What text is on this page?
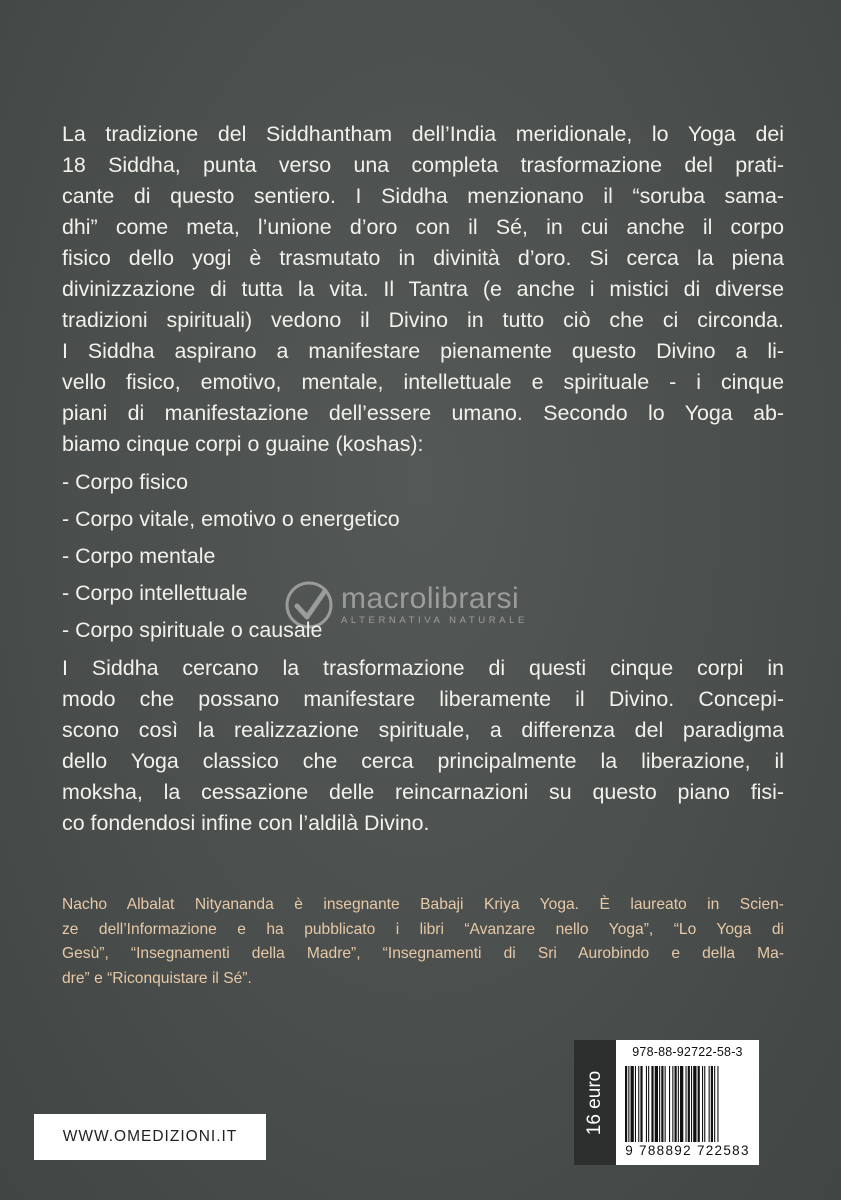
La tradizione del Siddhantham dell’India meridionale, lo Yoga dei
18 Siddha, punta verso una completa trasformazione del prati-
cante di questo sentiero. I Siddha menzionano il “soruba sama-
dhi” come meta, l’unione d’oro con il Sé, in cui anche il corpo
fisico dello yogi è trasmutato in divinità d’oro. Si cerca la piena
divinizzazione di tutta la vita. Il Tantra (e anche i mistici di diverse
tradizioni spirituali) vedono il Divino in tutto ciò che ci circonda.
I Siddha aspirano a manifestare pienamente questo Divino a li-
vello fisico, emotivo, mentale, intellettuale e spirituale - i cinque
piani di manifestazione dell’essere umano. Secondo lo Yoga ab-
biamo cinque corpi o guaine (koshas):
- Corpo fisico
- Corpo vitale, emotivo o energetico
- Corpo mentale
- Corpo intellettuale
- Corpo spirituale o causale
I Siddha cercano la trasformazione di questi cinque corpi in
modo che possano manifestare liberamente il Divino. Concepi-
scono così la realizzazione spirituale, a differenza del paradigma
dello Yoga classico che cerca principalmente la liberazione, il
moksha, la cessazione delle reincarnazioni su questo piano fisi-
co fondendosi infine con l’aldilà Divino.
macrolibrarsi
ALTERNATIVA NATURALE
Nacho Albalat Nityananda è insegnante Babaji Kriya Yoga. È laureato in Scien-
ze dell’Informazione e ha pubblicato i libri “Avanzare nello Yoga”, “Lo Yoga di
Gesù”, “Insegnamenti della Madre”, “Insegnamenti di Sri Aurobindo e della Ma-
dre” e “Riconquistare il Sé”.
WWW.OMEDIZIONI.IT
16 euro
978-88-92722-58-3
9 788892 722583
